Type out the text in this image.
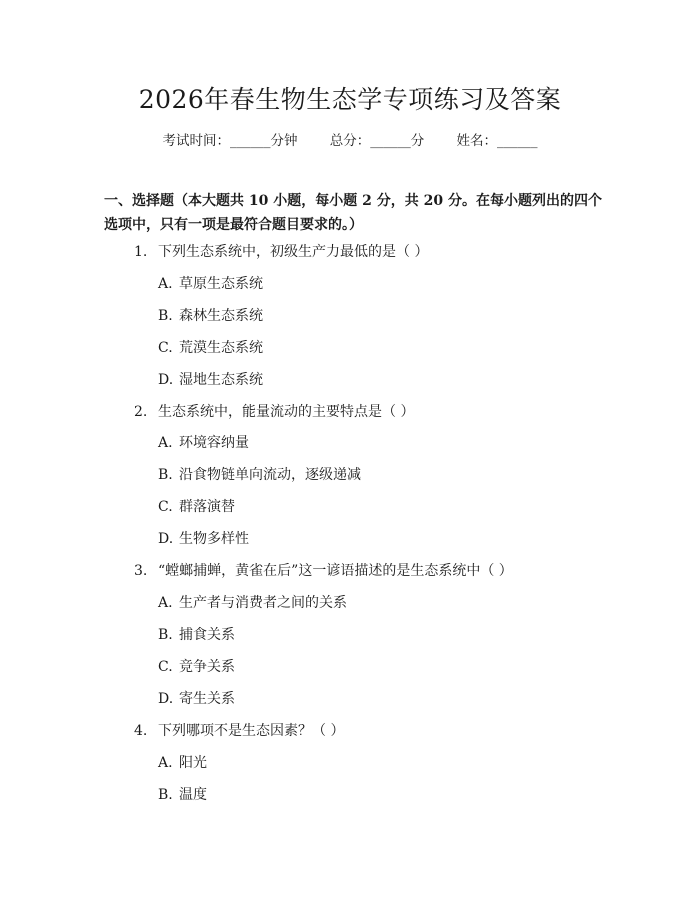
2026年春生物生态学专项练习及答案
考试时间：______分钟 总分：______分 姓名：______
一、选择题（本大题共 10 小题，每小题 2 分，共 20 分。在每小题列出的四个选项中，只有一项是最符合题目要求的。）
1. 下列生态系统中，初级生产力最低的是（ ）
A. 草原生态系统
B. 森林生态系统
C. 荒漠生态系统
D. 湿地生态系统
2. 生态系统中，能量流动的主要特点是（ ）
A. 环境容纳量
B. 沿食物链单向流动，逐级递减
C. 群落演替
D. 生物多样性
3. “螳螂捕蝉，黄雀在后”这一谚语描述的是生态系统中（ ）
A. 生产者与消费者之间的关系
B. 捕食关系
C. 竞争关系
D. 寄生关系
4. 下列哪项不是生态因素？（ ）
A. 阳光
B. 温度
